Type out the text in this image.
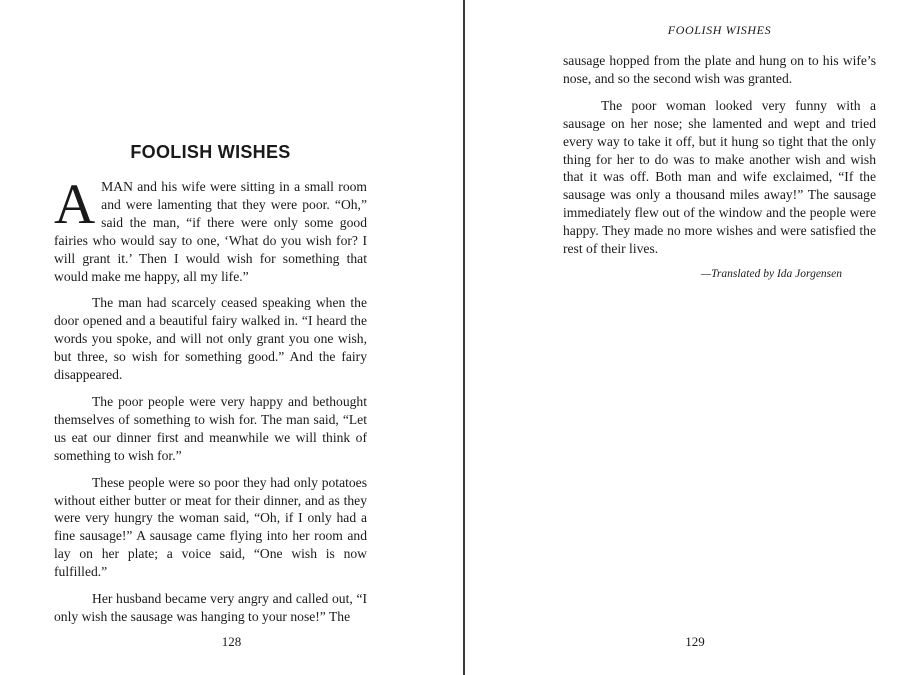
FOOLISH WISHES

AMAN and his wife were sitting in a small room and were lamenting that they were poor. “Oh,” said the man, “if there were only some good fairies who would say to one, ‘What do you wish for? I will grant it.’ Then I would wish for something that would make me happy, all my life.”

The man had scarcely ceased speaking when the door opened and a beautiful fairy walked in. “I heard the words you spoke, and will not only grant you one wish, but three, so wish for something good.” And the fairy disappeared.

The poor people were very happy and bethought themselves of something to wish for. The man said, “Let us eat our dinner first and meanwhile we will think of something to wish for.”

These people were so poor they had only potatoes without either butter or meat for their dinner, and as they were very hungry the woman said, “Oh, if I only had a fine sausage!” A sausage came flying into her room and lay on her plate; a voice said, “One wish is now fulfilled.”

Her husband became very angry and called out, “I only wish the sausage was hanging to your nose!” The

128
FOOLISH WISHES

sausage hopped from the plate and hung on to his wife’s nose, and so the second wish was granted.

The poor woman looked very funny with a sausage on her nose; she lamented and wept and tried every way to take it off, but it hung so tight that the only thing for her to do was to make another wish and wish that it was off. Both man and wife exclaimed, “If the sausage was only a thousand miles away!” The sausage immediately flew out of the window and the people were happy. They made no more wishes and were satisfied the rest of their lives.

—Translated by Ida Jorgensen
129
